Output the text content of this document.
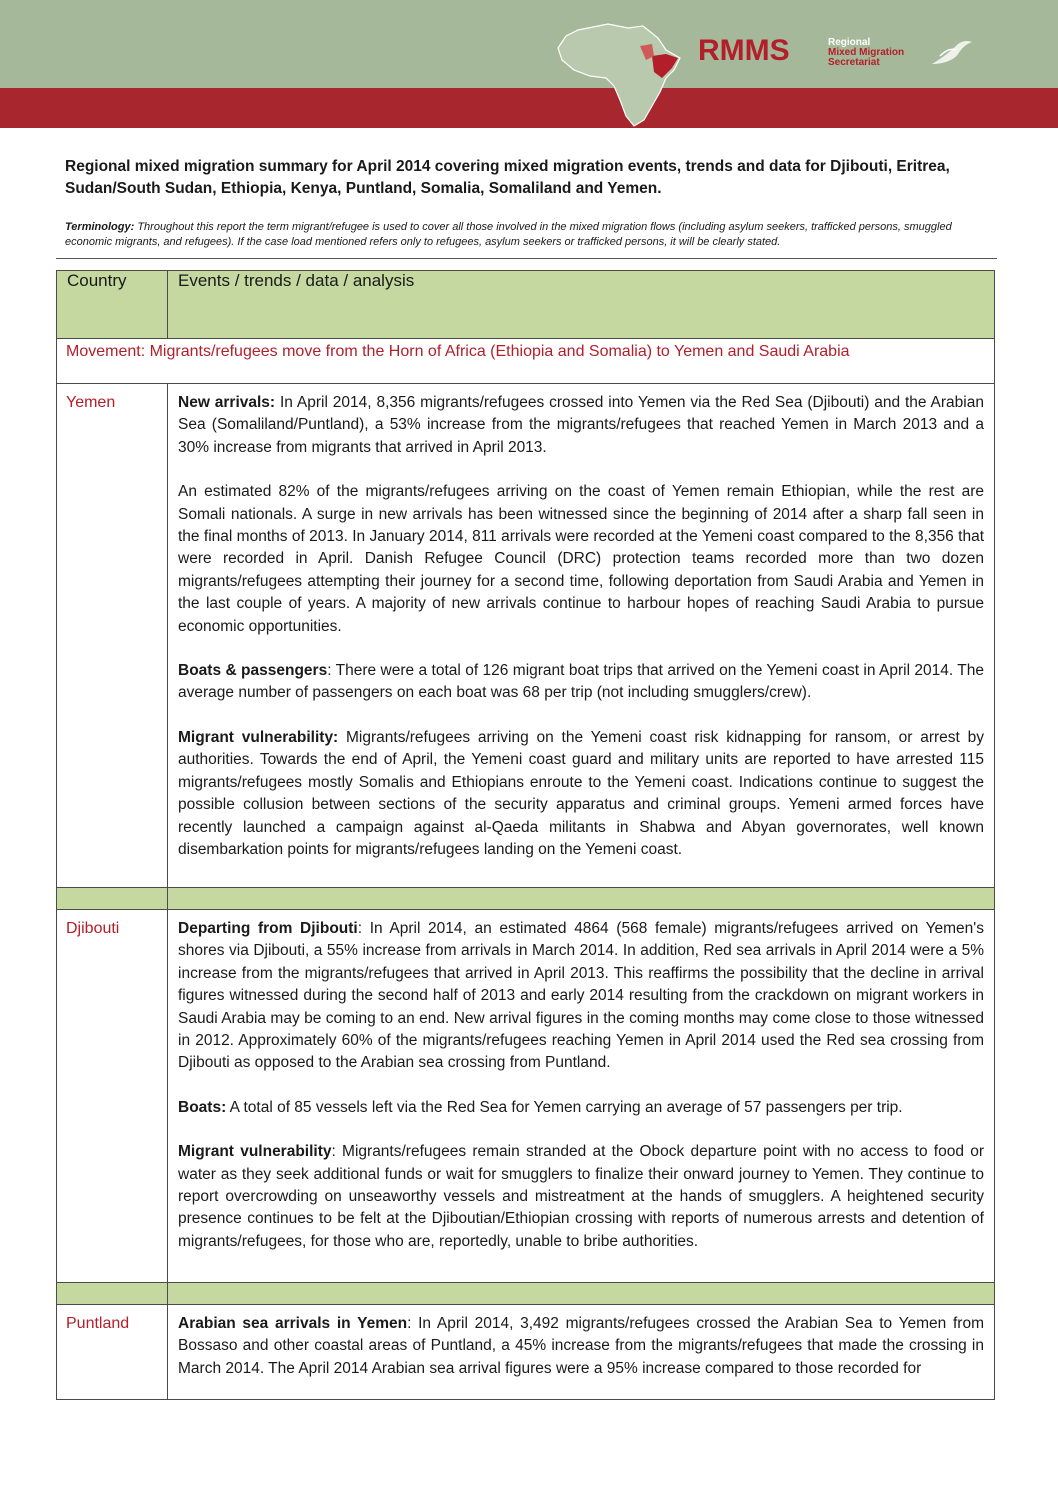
RMMS	Regional
Mixed Migration
Secretariat

Regional mixed migration summary for April 2014 covering mixed migration events, trends and data for Djibouti, Eritrea,

Sudan/South Sudan, Ethiopia, Kenya, Puntland, Somalia, Somaliland and Yemen.

Terminology: Throughout this report the term migrant/refugee is used to cover all those involved in the mixed migration flows (including asylum seekers, trafficked persons, smuggled economic migrants, and refugees). If the case load mentioned refers only to refugees, asylum seekers or trafficked persons, it will be clearly stated.
Country	Events / trends / data / analysis

Movement: Migrants/refugees move from the Horn of Africa (Ethiopia and Somalia) to Yemen and Saudi Arabia	

Yemen	New arrivals: In April 2014, 8,356 migrants/refugees crossed into Yemen via the Red Sea (Djibouti) and the Arabian Sea (Somaliland/Puntland), a 53% increase from the migrants/refugees that reached Yemen in March 2013 and a 30% increase from migrants that arrived in April 2013.

An estimated 82% of the migrants/refugees arriving on the coast of Yemen remain Ethiopian, while the rest are Somali nationals. A surge in new arrivals has been witnessed since the beginning of 2014 after a sharp fall seen in the final months of 2013. In January 2014, 811 arrivals were recorded at the Yemeni coast compared to the 8,356 that were recorded in April. Danish Refugee Council (DRC) protection teams recorded more than two dozen migrants/refugees attempting their journey for a second time, following deportation from Saudi Arabia and Yemen in the last couple of years. A majority of new arrivals continue to harbour hopes of reaching Saudi Arabia to pursue economic opportunities.

Boats & passengers: There were a total of 126 migrant boat trips that arrived on the Yemeni coast in April 2014. The average number of passengers on each boat was 68 per trip (not including smugglers/crew).

Migrant vulnerability: Migrants/refugees arriving on the Yemeni coast risk kidnapping for ransom, or arrest by authorities. Towards the end of April, the Yemeni coast guard and military units are reported to have arrested 115 migrants/refugees mostly Somalis and Ethiopians enroute to the Yemeni coast. Indications continue to suggest the possible collusion between sections of the security apparatus and criminal groups. Yemeni armed forces have recently launched a campaign against al-Qaeda militants in Shabwa and Abyan governorates, well known disembarkation points for migrants/refugees landing on the Yemeni coast.

Djibouti	Departing from Djibouti: In April 2014, an estimated 4864 (568 female) migrants/refugees arrived on Yemen's shores via Djibouti, a 55% increase from arrivals in March 2014. In addition, Red sea arrivals in April 2014 were a 5% increase from the migrants/refugees that arrived in April 2013. This reaffirms the possibility that the decline in arrival figures witnessed during the second half of 2013 and early 2014 resulting from the crackdown on migrant workers in Saudi Arabia may be coming to an end. New arrival figures in the coming months may come close to those witnessed in 2012. Approximately 60% of the migrants/refugees reaching Yemen in April 2014 used the Red sea crossing from Djibouti as opposed to the Arabian sea crossing from Puntland.

Boats: A total of 85 vessels left via the Red Sea for Yemen carrying an average of 57 passengers per trip.

Migrant vulnerability: Migrants/refugees remain stranded at the Obock departure point with no access to food or water as they seek additional funds or wait for smugglers to finalize their onward journey to Yemen. They continue to report overcrowding on unseaworthy vessels and mistreatment at the hands of smugglers. A heightened security presence continues to be felt at the Djiboutian/Ethiopian crossing with reports of numerous arrests and detention of migrants/refugees, for those who are, reportedly, unable to bribe authorities.

Puntland	Arabian sea arrivals in Yemen: In April 2014, 3,492 migrants/refugees crossed the Arabian Sea to Yemen from Bossaso and other coastal areas of Puntland, a 45% increase from the migrants/refugees that made the crossing in March 2014. The April 2014 Arabian sea arrival figures were a 95% increase compared to those recorded for
